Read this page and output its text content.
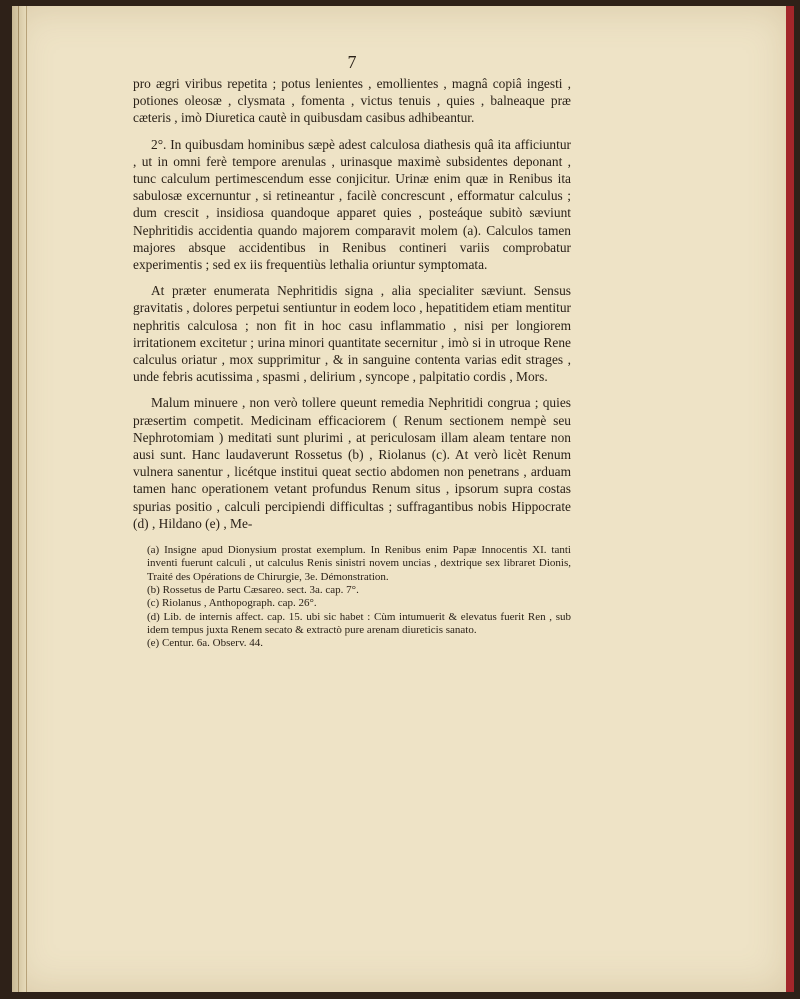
7

pro ægri viribus repetita ; potus lenientes , emollientes , magnâ copiâ ingesti , potiones oleosæ , clysmata , fomenta , victus tenuis , quies , balneaque præ cæteris , imò Diuretica cautè in quibusdam casibus adhibeantur.

2°. In quibusdam hominibus sæpè adest calculosa diathesis quâ ita afficiuntur , ut in omni ferè tempore arenulas , urinasque maximè subsidentes deponant , tunc calculum pertimescendum esse conjicitur. Urinæ enim quæ in Renibus ita sabulosæ excernuntur , si retineantur , facilè concrescunt , efformatur calculus ; dum crescit , insidiosa quandoque apparet quies , posteáque subitò sæviunt Nephritidis accidentia quando majorem comparavit molem (a). Calculos tamen majores absque accidentibus in Renibus contineri variis comprobatur experimentis ; sed ex iis frequentiùs lethalia oriuntur symptomata.

At præter enumerata Nephritidis signa , alia specialiter sæviunt. Sensus gravitatis , dolores perpetui sentiuntur in eodem loco , hepatitidem etiam mentitur nephritis calculosa ; non fit in hoc casu inflammatio , nisi per longiorem irritationem excitetur ; urina minori quantitate secernitur , imò si in utroque Rene calculus oriatur , mox supprimitur , & in sanguine contenta varias edit strages , unde febris acutissima , spasmi , delirium , syncope , palpitatio cordis , Mors.

Malum minuere , non verò tollere queunt remedia Nephritidi congrua ; quies præsertim competit. Medicinam efficaciorem ( Renum sectionem nempè seu Nephrotomiam ) meditati sunt plurimi , at periculosam illam aleam tentare non ausi sunt. Hanc laudaverunt Rossetus (b) , Riolanus (c). At verò licèt Renum vulnera sanentur , licétque institui queat sectio abdomen non penetrans , arduam tamen hanc operationem vetant profundus Renum situs , ipsorum supra costas spurias positio , calculi percipiendi difficultas ; suffragantibus nobis Hippocrate (d) , Hildano (e) , Me-

(a) Insigne apud Dionysium prostat exemplum. In Renibus enim Papæ Innocentis XI. tanti inventi fuerunt calculi , ut calculus Renis sinistri novem uncias , dextrique sex libraret Dionis, Traité des Opérations de Chirurgie, 3e. Démonstration.

(b) Rossetus de Partu Cæsareo. sect. 3a. cap. 7°.

(c) Riolanus , Anthopograph. cap. 26°.

(d) Lib. de internis affect. cap. 15. ubi sic habet : Cùm intumuerit & elevatus fuerit Ren , sub idem tempus juxta Renem secato & extractò pure arenam diureticis sanato.

(e) Centur. 6a. Observ. 44.
